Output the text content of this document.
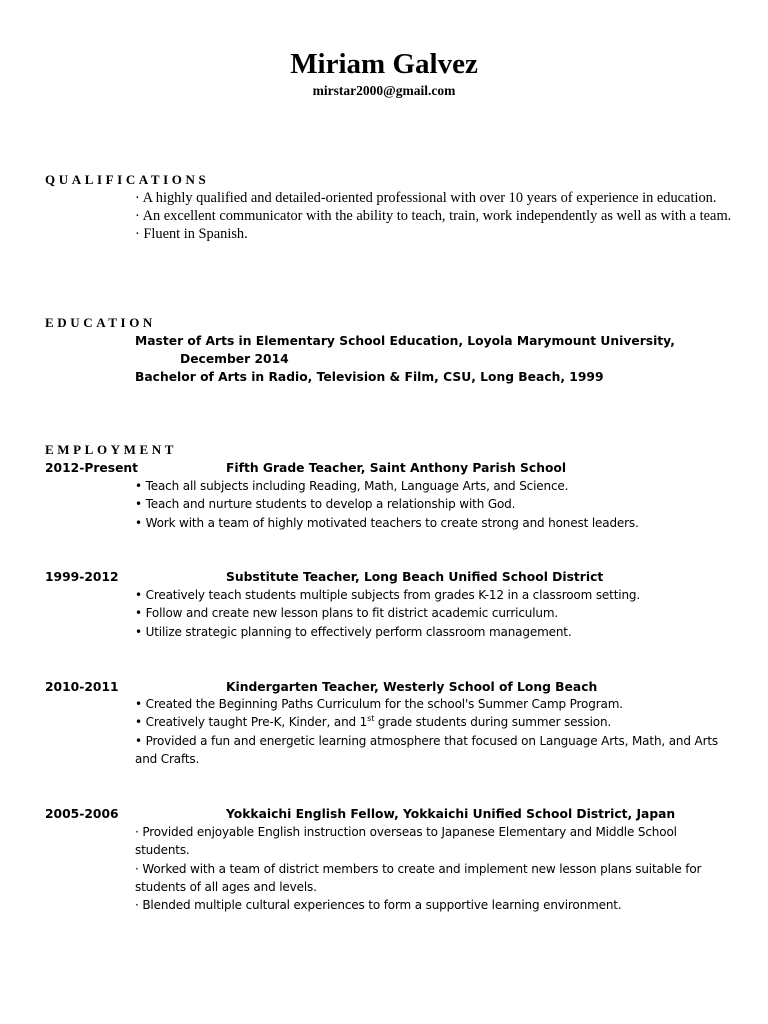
Miriam Galvez
mirstar2000@gmail.com
QUALIFICATIONS
· A highly qualified and detailed-oriented professional with over 10 years of experience in education.
· An excellent communicator with the ability to teach, train, work independently as well as with a team.
· Fluent in Spanish.
EDUCATION
Master of Arts in Elementary School Education, Loyola Marymount University,
December 2014
Bachelor of Arts in Radio, Television & Film, CSU, Long Beach, 1999
EMPLOYMENT
2012-Present	Fifth Grade Teacher, Saint Anthony Parish School
• Teach all subjects including Reading, Math, Language Arts, and Science.
• Teach and nurture students to develop a relationship with God.
• Work with a team of highly motivated teachers to create strong and honest leaders.
1999-2012	Substitute Teacher, Long Beach Unified School District
• Creatively teach students multiple subjects from grades K-12 in a classroom setting.
• Follow and create new lesson plans to fit district academic curriculum.
• Utilize strategic planning to effectively perform classroom management.
2010-2011	Kindergarten Teacher, Westerly School of Long Beach
• Created the Beginning Paths Curriculum for the school's Summer Camp Program.
• Creatively taught Pre-K, Kinder, and 1st grade students during summer session.
• Provided a fun and energetic learning atmosphere that focused on Language Arts, Math, and Arts and Crafts.
2005-2006	Yokkaichi English Fellow, Yokkaichi Unified School District, Japan
· Provided enjoyable English instruction overseas to Japanese Elementary and Middle School students.
· Worked with a team of district members to create and implement new lesson plans suitable for students of all ages and levels.
· Blended multiple cultural experiences to form a supportive learning environment.
